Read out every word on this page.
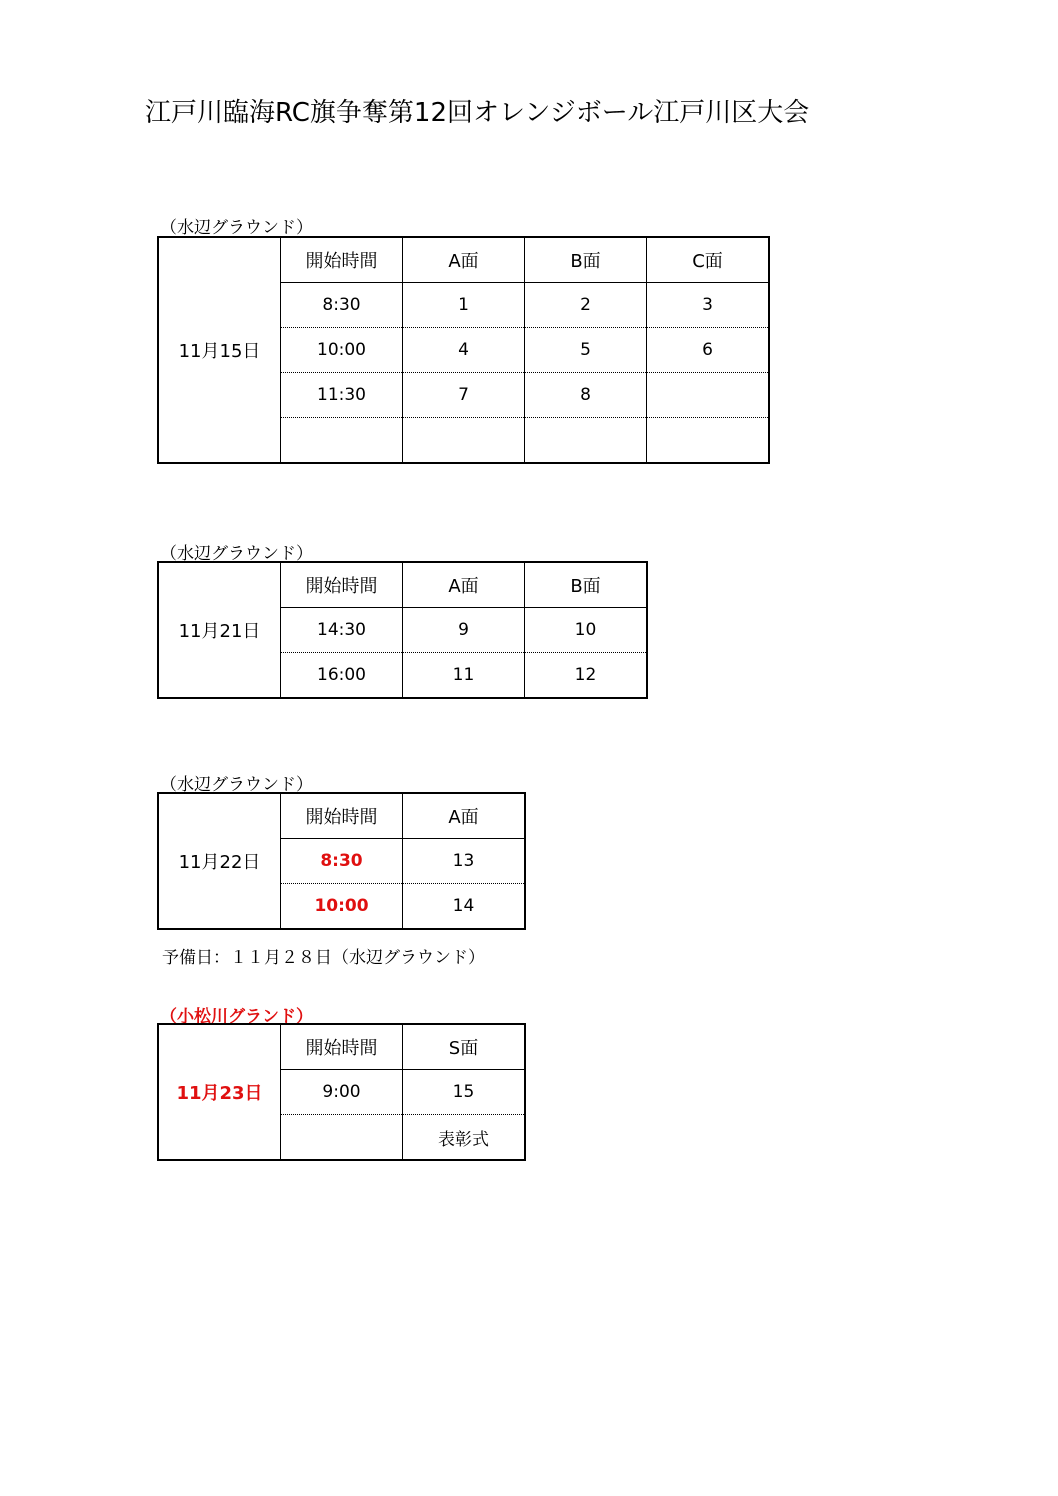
江戸川臨海RC旗争奪第12回オレンジボール江戸川区大会
（水辺グラウンド）
11月15日	開始時間	A面	B面	C面
	8:30	1	2	3
	10:00	4	5	6
	11:30	7	8	

（水辺グラウンド）
11月21日	開始時間	A面	B面
	14:30	9	10
	16:00	11	12
（水辺グラウンド）
11月22日	開始時間	A面
	8:30	13
	10:00	14
予備日：１１月２８日（水辺グラウンド）
（小松川グランド）
11月23日	開始時間	S面
	9:00	15
		表彰式
